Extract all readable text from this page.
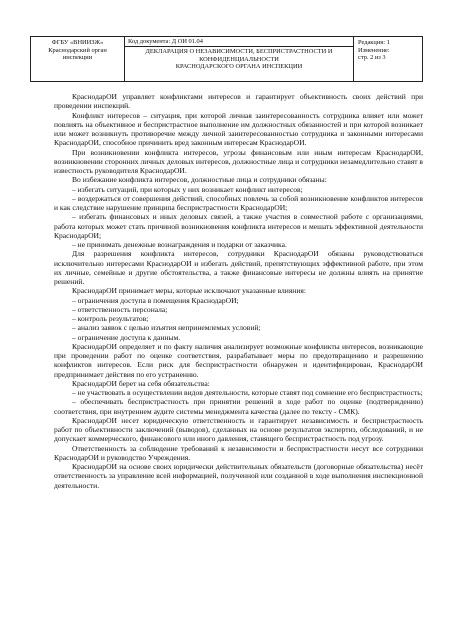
ФГБУ «ВНИИЗЖ»
Краснодарский орган
инспекции
Код документа: Д ОИ 01.04
ДЕКЛАРАЦИЯ О НЕЗАВИСИМОСТИ, БЕСПРИСТРАСТНОСТИ И
КОНФИДЕНЦИАЛЬНОСТИ
КРАСНОДАРСКОГО ОРГАНА ИНСПЕКЦИИ
Редакция: 1
Изменение:
стр. 2 из 3

КраснодарОИ управляет конфликтами интересов и гарантирует объективность своих действий при проведении инспекций.

Конфликт интересов – ситуация, при которой личная заинтересованность сотрудника влияет или может повлиять на объективное и беспристрастное выполнение им должностных обязанностей и при которой возникает или может возникнуть противоречие между личной заинтересованностью сотрудника и законными интересами КраснодарОИ, способное причинить вред законным интересам КраснодарОИ.

При возникновении конфликта интересов, угрозы финансовым или иным интересам КраснодарОИ, возникновении сторонних личных деловых интересов, должностные лица и сотрудники незамедлительно ставят в известность руководителя КраснодарОИ.

Во избежание конфликта интересов, должностные лица и сотрудники обязаны:

– избегать ситуаций, при которых у них возникает конфликт интересов;

– воздержаться от совершения действий, способных повлечь за собой возникновение конфликтов интересов и как следствие нарушение принципа беспристрастности КраснодарОИ;

– избегать финансовых и иных деловых связей, а также участия в совместной работе с организациями, работа которых может стать причиной возникновения конфликта интересов и мешать эффективной деятельности КраснодарОИ;

– не принимать денежные вознаграждения и подарки от заказчика.

Для разрешения конфликта интересов, сотрудники КраснодарОИ обязаны руководствоваться исключительно интересами КраснодарОИ и избегать действий, препятствующих эффективной работе, при этом их личные, семейные и другие обстоятельства, а также финансовые интересы не должны влиять на принятие решений.

КраснодарОИ принимает меры, которые исключают указанные влияния:

– ограничения доступа в помещения КраснодарОИ;

– ответственность персонала;

– контроль результатов;

– анализ заявок с целью изъятия непринемлемых условий;

– ограничение доступа к данным.

КраснодарОИ определяет и по факту наличия анализирует возможные конфликты интересов, возникающие при проведении работ по оценке соответствия, разрабатывает меры по предотвращению и разрешению конфликтов интересов. Если риск для беспристрастности обнаружен и идентифицирован, КраснодарОИ предпринимает действия по его устранению.

КраснодарОИ берет на себя обязательства:

– не участвовать в осуществлении видов деятельности, которые ставят под сомнение его беспристрастность;

– обеспечивать беспристрастность при принятии решений в ходе работ по оценке (подтверждению) соответствия, при внутреннем аудите системы менеджмента качества (далее по тексту - СМК).

КраснодарОИ несет юридическую ответственность и гарантирует независимость и беспристрастность работ по объективности заключений (выводов), сделанных на основе результатов экспертиз, обследований, и не допускает коммерческого, финансового или иного давления, ставящего беспристрастность под угрозу.

Ответственность за соблюдение требований к независимости и беспристрастности несут все сотрудники КраснодарОИ и руководство Учреждения.

КраснодарОИ на основе своих юридически действительных обязательств (договорные обязательства) несёт ответственность за управление всей информацией, полученной или созданной в ходе выполнения инспекционной деятельности.
